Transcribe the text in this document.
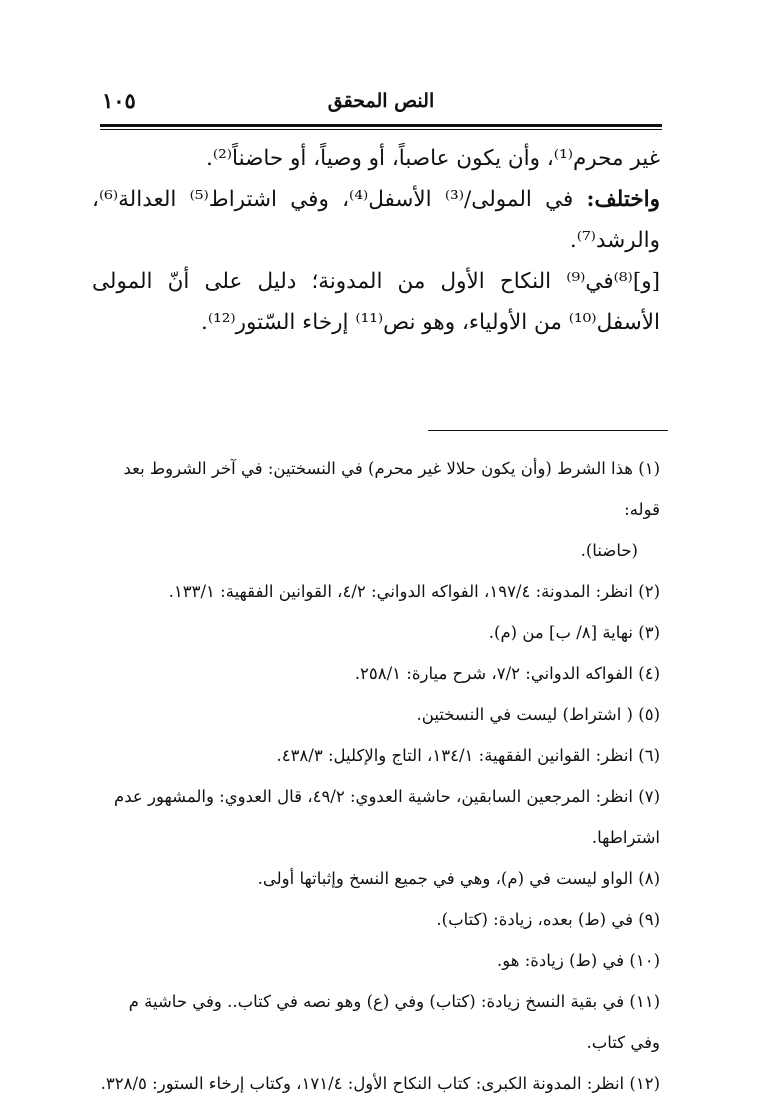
١٠٥	النص المحقق

غير محرم⁽¹⁾، وأن يكون عاصباً، أو وصياً، أو حاضناً⁽²⁾.

واختلف: في المولى/⁽³⁾ الأسفل⁽⁴⁾، وفي اشتراط⁽⁵⁾ العدالة⁽⁶⁾، والرشد⁽⁷⁾.

[و]⁽⁸⁾في⁽⁹⁾ النكاح الأول من المدونة؛ دليل على أنّ المولى الأسفل⁽¹⁰⁾ من الأولياء، وهو نص⁽¹¹⁾ إرخاء السّتور⁽¹²⁾.

(١) هذا الشرط (وأن يكون حلالا غير محرم) في النسختين: في آخر الشروط بعد قوله:
(حاضنا).

(٢) انظر: المدونة: ١٩٧/٤، الفواكه الدواني: ٤/٢، القوانين الفقهية: ١٣٣/١.

(٣) نهاية [٨/ ب] من (م).

(٤) الفواكه الدواني: ٧/٢، شرح ميارة: ٢٥٨/١.

(٥) ( اشتراط) ليست في النسختين.

(٦) انظر: القوانين الفقهية: ١٣٤/١، التاج والإكليل: ٤٣٨/٣.

(٧) انظر: المرجعين السابقين، حاشية العدوي: ٤٩/٢، قال العدوي: والمشهور عدم اشتراطها.

(٨) الواو ليست في (م)، وهي في جميع النسخ وإثباتها أولى.

(٩) في (ط) بعده، زيادة: (كتاب).

(١٠) في (ط) زيادة: هو.

(١١) في بقية النسخ زيادة: (كتاب) وفي (ع) وهو نصه في كتاب.. وفي حاشية م وفي كتاب.

(١٢) انظر: المدونة الكبرى: كتاب النكاح الأول: ١٧١/٤، وكتاب إرخاء الستور: ٣٢٨/٥.
